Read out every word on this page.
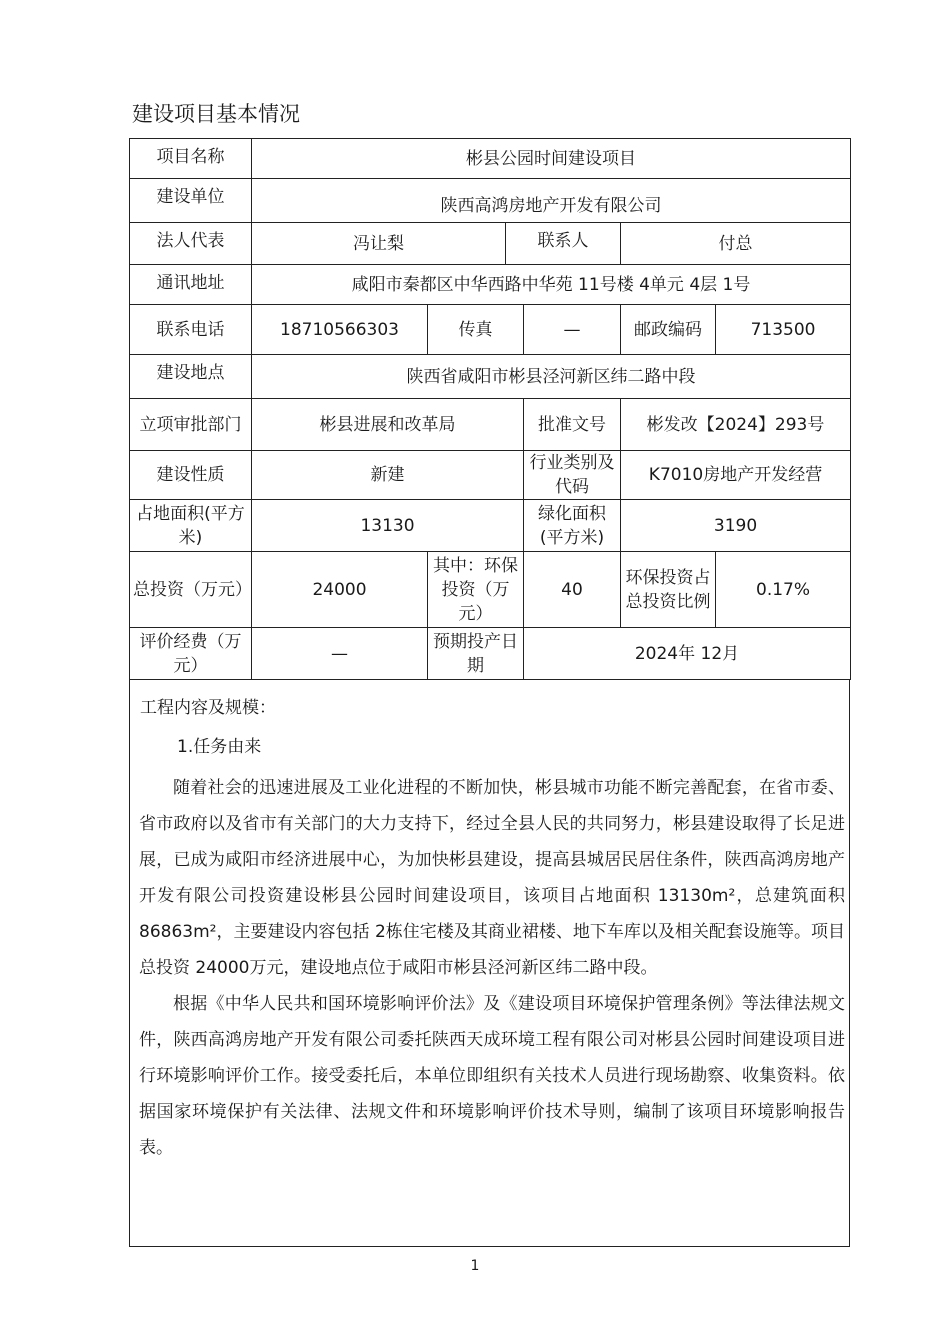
建设项目基本情况
项目名称	彬县公园时间建设项目					
建设单位	陕西高鸿房地产开发有限公司					
法人代表	冯让梨		联系人		付总	
通讯地址	咸阳市秦都区中华西路中华苑 11号楼 4单元 4层 1号					
联系电话	18710566303	传真		—	邮政编码	713500
建设地点	陕西省咸阳市彬县泾河新区纬二路中段					
立项审批部门	彬县进展和改革局			批准文号	彬发改【2024】293号	
建设性质	新建			行业类别及代码	K7010房地产开发经营	
占地面积(平方米)	13130			绿化面积(平方米)	3190	
总投资（万元）	24000	其中：环保投资（万元）		40	环保投资占总投资比例	0.17%
评价经费（万元）	—	预期投产日期		2024年 12月		
工程内容及规模：
1.任务由来

随着社会的迅速进展及工业化进程的不断加快，彬县城市功能不断完善配套，在省市委、省市政府以及省市有关部门的大力支持下，经过全县人民的共同努力，彬县建设取得了长足进展，已成为咸阳市经济进展中心，为加快彬县建设，提高县城居民居住条件，陕西高鸿房地产开发有限公司投资建设彬县公园时间建设项目，该项目占地面积 13130m²，总建筑面积 86863m²，主要建设内容包括 2栋住宅楼及其商业裙楼、地下车库以及相关配套设施等。项目总投资 24000万元，建设地点位于咸阳市彬县泾河新区纬二路中段。

根据《中华人民共和国环境影响评价法》及《建设项目环境保护管理条例》等法律法规文件，陕西高鸿房地产开发有限公司委托陕西天成环境工程有限公司对彬县公园时间建设项目进行环境影响评价工作。接受委托后，本单位即组织有关技术人员进行现场勘察、收集资料。依据国家环境保护有关法律、法规文件和环境影响评价技术导则，编制了该项目环境影响报告表。

1
